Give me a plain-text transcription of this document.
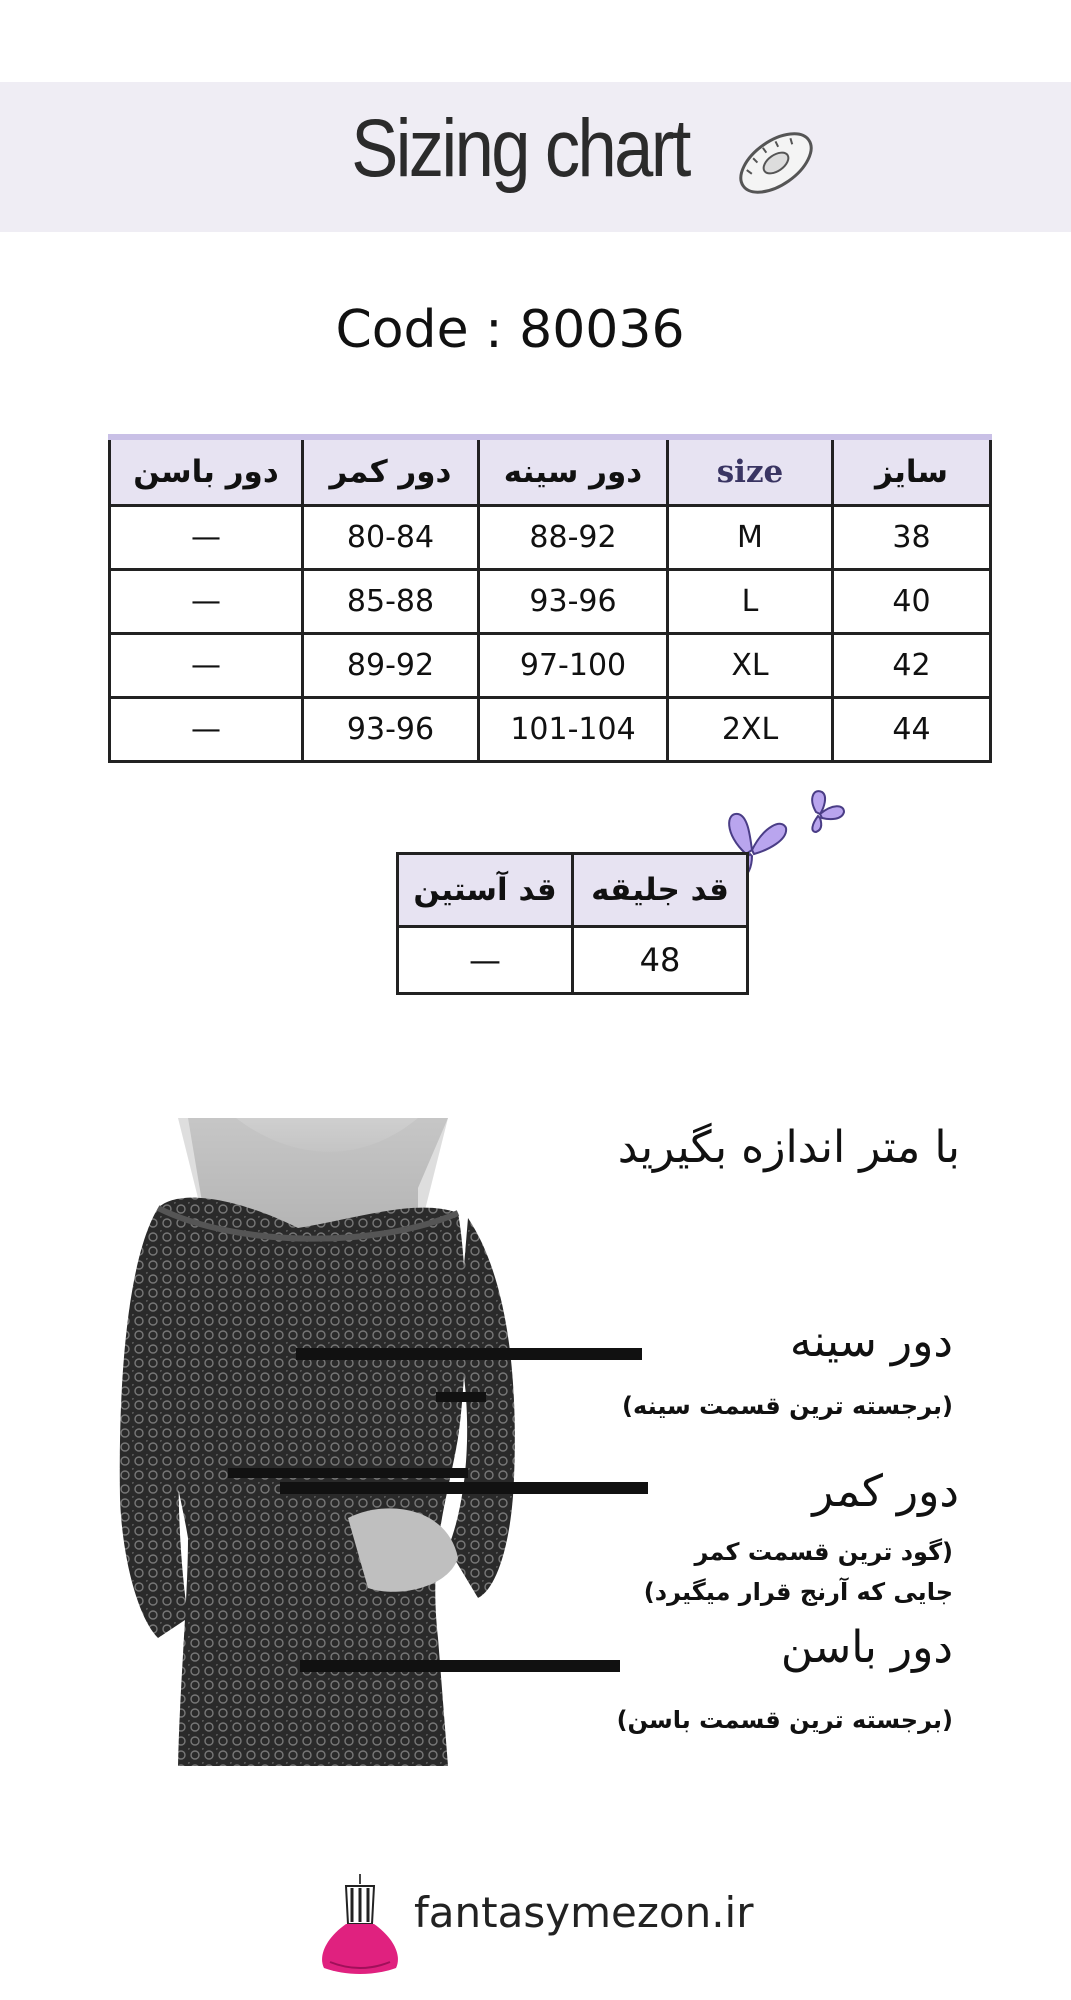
Sizing chart
Code : 80036
دور باسن	دور کمر	دور سینه	size	سایز
—	80-84	88-92	M	38
—	85-88	93-96	L	40
—	89-92	97-100	XL	42
—	93-96	101-104	2XL	44
قد آستین	قد جلیقه
—	48
با متر اندازه بگیرید
دور سینه
(برجسته ترین قسمت سینه)
دور کمر
(گود ترین قسمت کمر
جایی که آرنج قرار میگیرد)
دور باسن
(برجسته ترین قسمت باسن)
fantasymezon.ir
